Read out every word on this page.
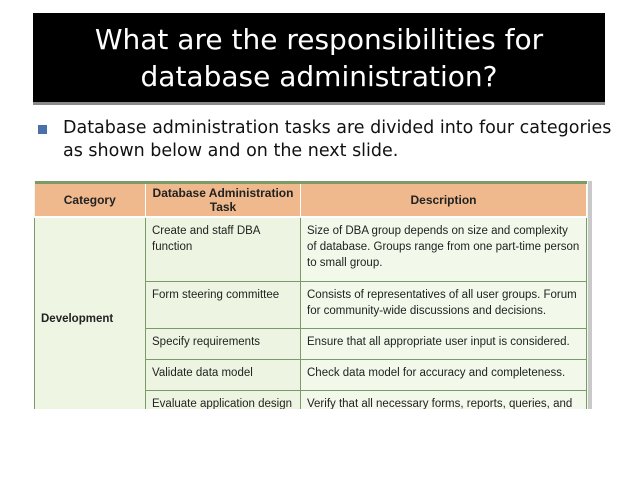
What are the responsibilities for database administration?
Database administration tasks are divided into four categories as shown below and on the next slide.
Category	Database Administration Task	Description
Development	Create and staff DBA function	Size of DBA group depends on size and complexity of database. Groups range from one part-time person to small group.
	Form steering committee	Consists of representatives of all user groups. Forum for community-wide discussions and decisions.
	Specify requirements	Ensure that all appropriate user input is considered.
	Validate data model	Check data model for accuracy and completeness.
	Evaluate application design	Verify that all necessary forms, reports, queries, and
